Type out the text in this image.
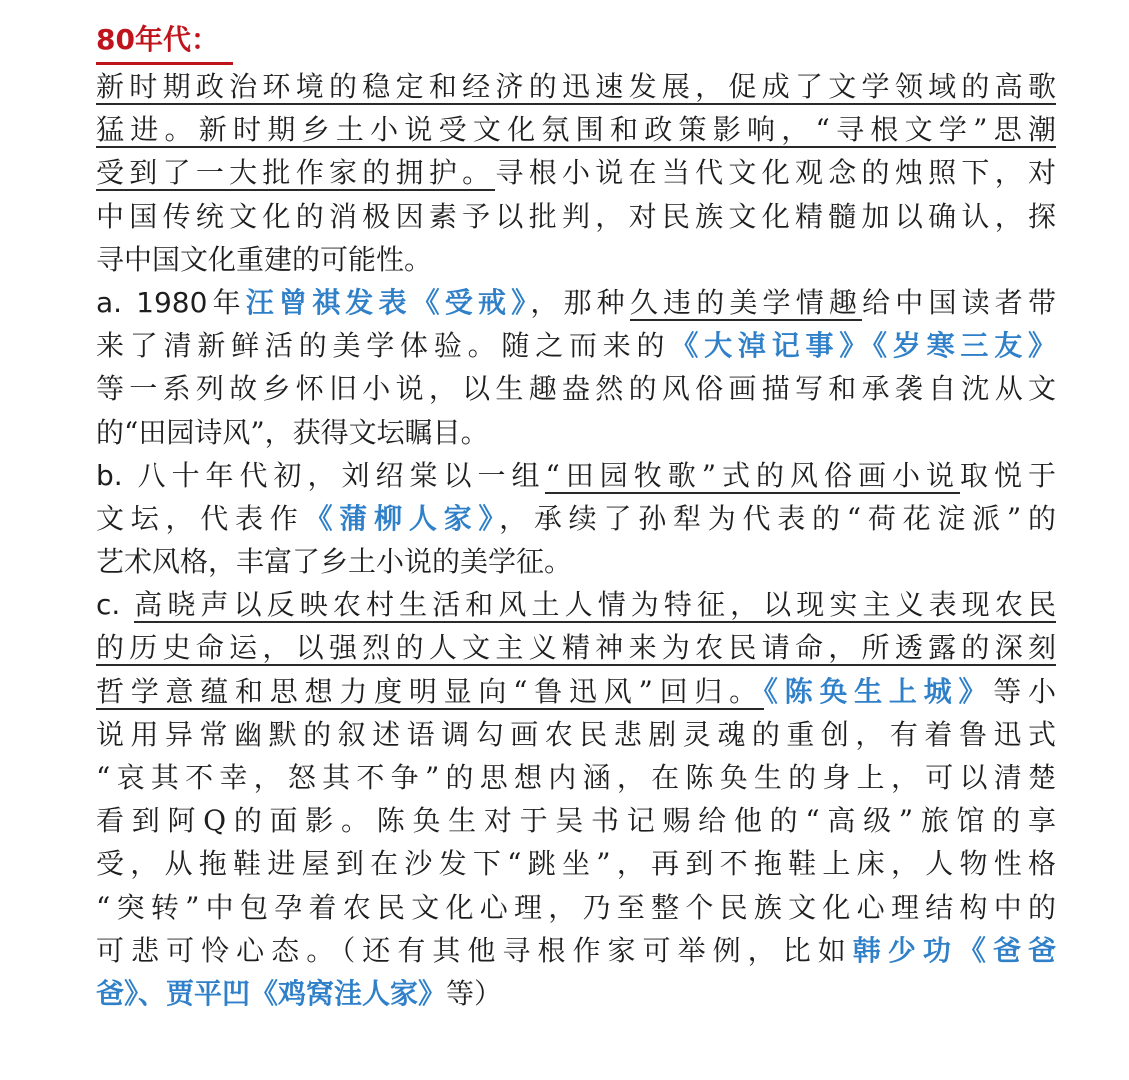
80年代：
新时期政治环境的稳定和经济的迅速发展，促成了文学领域的高歌
猛进。新时期乡土小说受文化氛围和政策影响，“寻根文学”思潮
受到了一大批作家的拥护。寻根小说在当代文化观念的烛照下，对
中国传统文化的消极因素予以批判，对民族文化精髓加以确认，探
寻中国文化重建的可能性。
a. 1980年汪曾祺发表《受戒》，那种久违的美学情趣给中国读者带
来了清新鲜活的美学体验。随之而来的《大淖记事》《岁寒三友》
等一系列故乡怀旧小说，以生趣盎然的风俗画描写和承袭自沈从文
的“田园诗风”，获得文坛瞩目。
b. 八十年代初，刘绍棠以一组“田园牧歌”式的风俗画小说取悦于
文坛，代表作《蒲柳人家》，承续了孙犁为代表的“荷花淀派”的
艺术风格，丰富了乡土小说的美学征。
c. 高晓声以反映农村生活和风土人情为特征，以现实主义表现农民
的历史命运，以强烈的人文主义精神来为农民请命，所透露的深刻
哲学意蕴和思想力度明显向“鲁迅风”回归。《陈奂生上城》等小
说用异常幽默的叙述语调勾画农民悲剧灵魂的重创，有着鲁迅式
“哀其不幸，怒其不争”的思想内涵，在陈奂生的身上，可以清楚
看到阿Q的面影。陈奂生对于吴书记赐给他的“高级”旅馆的享
受，从拖鞋进屋到在沙发下“跳坐”，再到不拖鞋上床，人物性格
“突转”中包孕着农民文化心理，乃至整个民族文化心理结构中的
可悲可怜心态。（还有其他寻根作家可举例，比如韩少功《爸爸
爸》、贾平凹《鸡窝洼人家》等）
